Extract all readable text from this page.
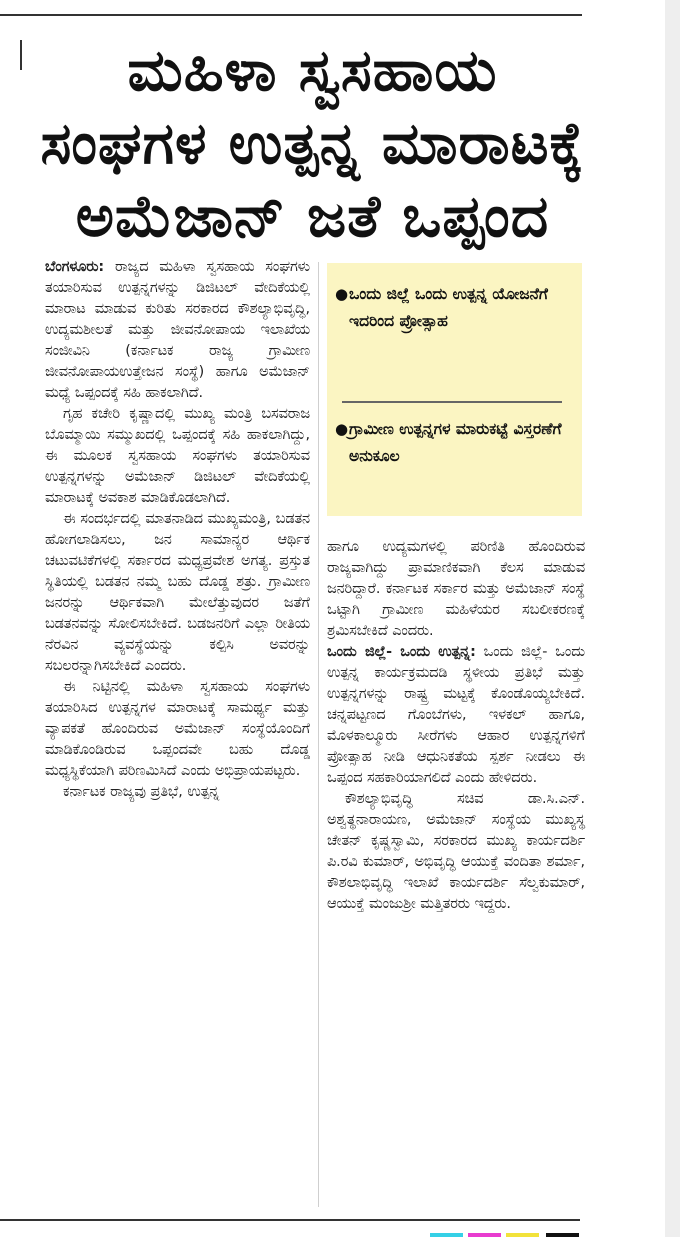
ಮಹಿಳಾ ಸ್ವಸಹಾಯ
ಸಂಘಗಳ ಉತ್ಪನ್ನ ಮಾರಾಟಕ್ಕೆ
ಅಮೆಜಾನ್ ಜತೆ ಒಪ್ಪಂದ

ಬೆಂಗಳೂರು: ರಾಜ್ಯದ ಮಹಿಳಾ ಸ್ವಸಹಾಯ ಸಂಘಗಳು ತಯಾರಿಸುವ ಉತ್ಪನ್ನಗಳನ್ನು ಡಿಜಿಟಲ್ ವೇದಿಕೆಯಲ್ಲಿ ಮಾರಾಟ ಮಾಡುವ ಕುರಿತು ಸರಕಾರದ ಕೌಶಲ್ಯಾಭಿವೃದ್ಧಿ, ಉದ್ಯಮಶೀಲತೆ ಮತ್ತು ಜೀವನೋಪಾಯ ಇಲಾಖೆಯ ಸಂಜೀವಿನಿ (ಕರ್ನಾಟಕ ರಾಜ್ಯ ಗ್ರಾಮೀಣ ಜೀವನೋಪಾಯಉತ್ತೇಜನ ಸಂಸ್ಥೆ) ಹಾಗೂ ಅಮೆಜಾನ್ ಮಧ್ಯೆ ಒಪ್ಪಂದಕ್ಕೆ ಸಹಿ ಹಾಕಲಾಗಿದೆ.

ಗೃಹ ಕಚೇರಿ ಕೃಷ್ಣಾದಲ್ಲಿ ಮುಖ್ಯ ಮಂತ್ರಿ ಬಸವರಾಜ ಬೊಮ್ಮಾಯಿ ಸಮ್ಮುಖದಲ್ಲಿ ಒಪ್ಪಂದಕ್ಕೆ ಸಹಿ ಹಾಕಲಾಗಿದ್ದು, ಈ ಮೂಲಕ ಸ್ವಸಹಾಯ ಸಂಘಗಳು ತಯಾರಿಸುವ ಉತ್ಪನ್ನಗಳನ್ನು ಅಮೆಜಾನ್ ಡಿಜಿಟಲ್ ವೇದಿಕೆಯಲ್ಲಿ ಮಾರಾಟಕ್ಕೆ ಅವಕಾಶ ಮಾಡಿಕೊಡಲಾಗಿದೆ.

ಈ ಸಂದರ್ಭದಲ್ಲಿ ಮಾತನಾಡಿದ ಮುಖ್ಯಮಂತ್ರಿ, ಬಡತನ ಹೋಗಲಾಡಿಸಲು, ಜನ ಸಾಮಾನ್ಯರ ಆರ್ಥಿಕ ಚಟುವಟಿಕೆಗಳಲ್ಲಿ ಸರ್ಕಾರದ ಮಧ್ಯಪ್ರವೇಶ ಅಗತ್ಯ. ಪ್ರಸ್ತುತ ಸ್ಥಿತಿಯಲ್ಲಿ ಬಡತನ ನಮ್ಮ ಬಹು ದೊಡ್ಡ ಶತ್ರು. ಗ್ರಾಮೀಣ ಜನರನ್ನು ಆರ್ಥಿಕವಾಗಿ ಮೇಲೆತ್ತುವುದರ ಜತೆಗೆ ಬಡತನವನ್ನು ಸೋಲಿಸಬೇಕಿದೆ. ಬಡಜನರಿಗೆ ಎಲ್ಲಾ ರೀತಿಯ ನೆರವಿನ ವ್ಯವಸ್ಥೆಯನ್ನು ಕಲ್ಪಿಸಿ ಅವರನ್ನು ಸಬಲರನ್ನಾಗಿಸಬೇಕಿದೆ ಎಂದರು.

ಈ ನಿಟ್ಟಿನಲ್ಲಿ ಮಹಿಳಾ ಸ್ವಸಹಾಯ ಸಂಘಗಳು ತಯಾರಿಸಿದ ಉತ್ಪನ್ನಗಳ ಮಾರಾಟಕ್ಕೆ ಸಾಮರ್ಥ್ಯ ಮತ್ತು ವ್ಯಾಪಕತೆ ಹೊಂದಿರುವ ಅಮೆಜಾನ್ ಸಂಸ್ಥೆಯೊಂದಿಗೆ ಮಾಡಿಕೊಂಡಿರುವ ಒಪ್ಪಂದವೇ ಬಹು ದೊಡ್ಡ ಮಧ್ಯಸ್ಥಿಕೆಯಾಗಿ ಪರಿಣಮಿಸಿದೆ ಎಂದು ಅಭಿಪ್ರಾಯಪಟ್ಟರು.

ಕರ್ನಾಟಕ ರಾಜ್ಯವು ಪ್ರತಿಭೆ, ಉತ್ಪನ್ನ

● ಒಂದು ಜಿಲ್ಲೆ ಒಂದು ಉತ್ಪನ್ನ ಯೋಜನೆಗೆ ಇದರಿಂದ ಪ್ರೋತ್ಸಾಹ
● ಗ್ರಾಮೀಣ ಉತ್ಪನ್ನಗಳ ಮಾರುಕಟ್ಟೆ ವಿಸ್ತರಣೆಗೆ ಅನುಕೂಲ

ಹಾಗೂ ಉದ್ಯಮಗಳಲ್ಲಿ ಪರಿಣಿತಿ ಹೊಂದಿರುವ ರಾಜ್ಯವಾಗಿದ್ದು ಪ್ರಾಮಾಣಿಕವಾಗಿ ಕೆಲಸ ಮಾಡುವ ಜನರಿದ್ದಾರೆ. ಕರ್ನಾಟಕ ಸರ್ಕಾರ ಮತ್ತು ಅಮೆಜಾನ್ ಸಂಸ್ಥೆ ಒಟ್ಟಾಗಿ ಗ್ರಾಮೀಣ ಮಹಿಳೆಯರ ಸಬಲೀಕರಣಕ್ಕೆ ಶ್ರಮಿಸಬೇಕಿದೆ ಎಂದರು.

ಒಂದು ಜಿಲ್ಲೆ- ಒಂದು ಉತ್ಪನ್ನ: ಒಂದು ಜಿಲ್ಲೆ- ಒಂದು ಉತ್ಪನ್ನ ಕಾರ್ಯಕ್ರಮದಡಿ ಸ್ಥಳೀಯ ಪ್ರತಿಭೆ ಮತ್ತು ಉತ್ಪನ್ನಗಳನ್ನು ರಾಷ್ಟ್ರ ಮಟ್ಟಕ್ಕೆ ಕೊಂಡೊಯ್ಯಬೇಕಿದೆ. ಚನ್ನಪಟ್ಟಣದ ಗೊಂಬೆಗಳು, ಇಳಕಲ್ ಹಾಗೂ, ಮೊಳಕಾಲ್ಮೂರು ಸೀರೆಗಳು ಆಹಾರ ಉತ್ಪನ್ನಗಳಿಗೆ ಪ್ರೋತ್ಸಾಹ ನೀಡಿ ಆಧುನಿಕತೆಯ ಸ್ಪರ್ಶ ನೀಡಲು ಈ ಒಪ್ಪಂದ ಸಹಕಾರಿಯಾಗಲಿದೆ ಎಂದು ಹೇಳಿದರು.

ಕೌಶಲ್ಯಾಭಿವೃದ್ಧಿ ಸಚಿವ ಡಾ.ಸಿ.ಎನ್. ಅಶ್ವತ್ಥನಾರಾಯಣ, ಅಮೆಜಾನ್ ಸಂಸ್ಥೆಯ ಮುಖ್ಯಸ್ಥ ಚೇತನ್ ಕೃಷ್ಣಸ್ವಾಮಿ, ಸರಕಾರದ ಮುಖ್ಯ ಕಾರ್ಯದರ್ಶಿ ಪಿ.ರವಿ ಕುಮಾರ್, ಅಭಿವೃದ್ಧಿ ಆಯುಕ್ತೆ ವಂದಿತಾ ಶರ್ಮಾ, ಕೌಶಲಾಭಿವೃದ್ಧಿ ಇಲಾಖೆ ಕಾರ್ಯದರ್ಶಿ ಸೆಲ್ವಕುಮಾರ್, ಆಯುಕ್ತೆ ಮಂಜುಶ್ರೀ ಮತ್ತಿತರರು ಇದ್ದರು.
